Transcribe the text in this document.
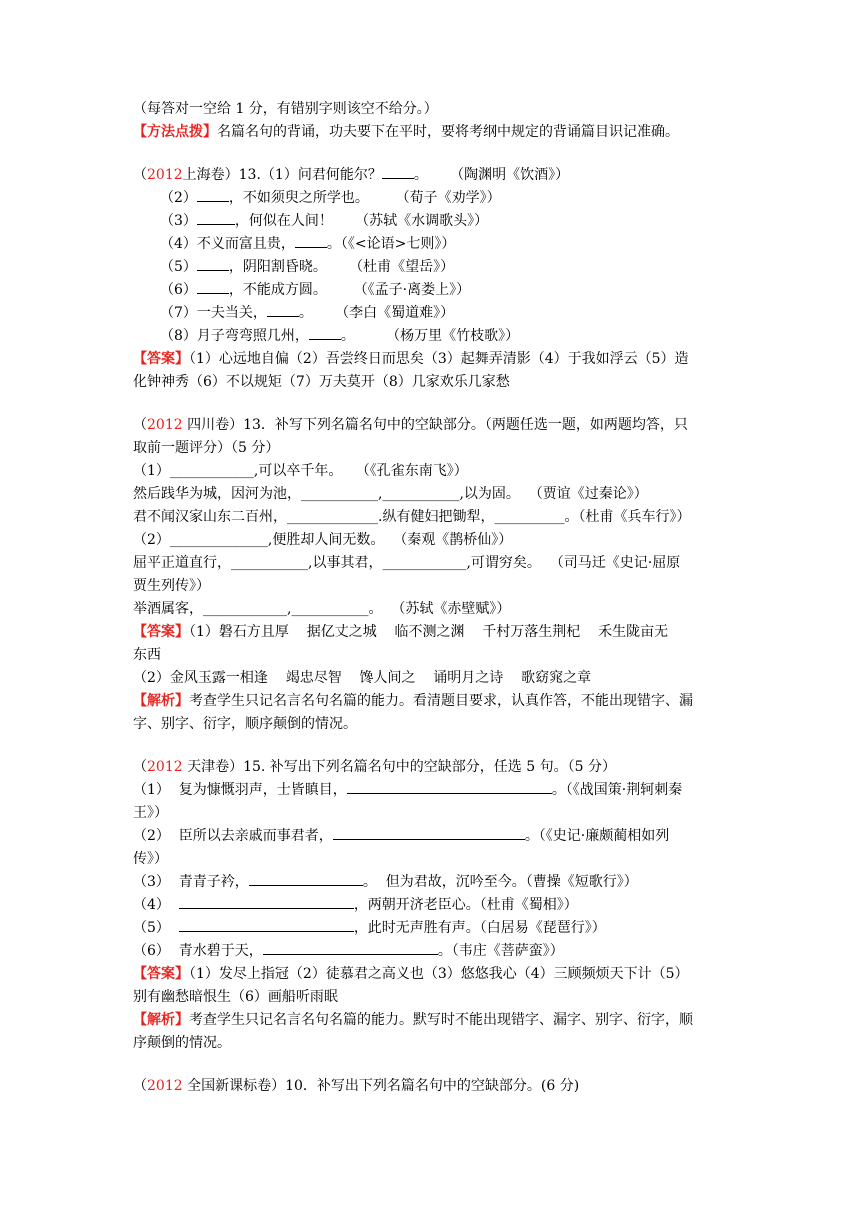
（每答对一空给 1 分，有错别字则该空不给分。）

【方法点拨】名篇名句的背诵，功夫要下在平时，要将考纲中规定的背诵篇目识记准确。

（2012上海卷）13.（1）问君何能尔？ 。     （陶渊明《饮酒》）

（2） ，不如须臾之所学也。      （荀子《劝学》）

（3）	，何似在人间！     （苏轼《水调歌头》）

（4）不义而富且贵， 。（《<论语>七则》）

（5） ，阴阳割昏晓。     （杜甫《望岳》）

（6） ，不能成方圆。      （《孟子·离娄上》）

（7）一夫当关， 。     （李白《蜀道难》）

（8）月子弯弯照几州， 。       （杨万里《竹枝歌》）

【答案】（1）心远地自偏（2）吾尝终日而思矣（3）起舞弄清影（4）于我如浮云（5）造

化钟神秀（6）不以规矩（7）万夫莫开（8）几家欢乐几家愁

（2012 四川卷）13．补写下列名篇名句中的空缺部分。（两题任选一题，如两题均答，只

取前一题评分）（5 分）

（1）____________,可以卒千年。   （《孔雀东南飞》）

然后践华为城，因河为池，___________,___________,以为固。  （贾谊《过秦论》）

君不闻汉家山东二百州，_____________.纵有健妇把锄犁，__________。（杜甫《兵车行》）

（2）______________,便胜却人间无数。  （秦观《鹊桥仙》）

屈平正道直行，___________,以事其君，____________,可谓穷矣。  （司马迁《史记·屈原

贾生列传》）

举酒属客，____________,___________。  （苏轼《赤壁赋》）

【答案】（1）磐石方且厚    据亿丈之城    临不测之渊    千村万落生荆杞    禾生陇亩无

东西

（2）金风玉露一相逢    竭忠尽智    馋人间之    诵明月之诗    歌窈窕之章

【解析】考查学生只记名言名句名篇的能力。看清题目要求，认真作答，不能出现错字、漏

字、别字、衍字，顺序颠倒的情况。

（2012 天津卷）15. 补写出下列名篇名句中的空缺部分，任选 5 句。（5 分）

（1）  复为慷慨羽声，士皆瞋目，	。（《战国策·荆轲刺秦

王》）

（2）  臣所以去亲戚而事君者，	。（《史记·廉颇蔺相如列

传》）

（3）  青青子衿，	。  但为君故，沉吟至今。（曹操《短歌行》）

（4）	，两朝开济老臣心。（杜甫《蜀相》）

（5）	，此时无声胜有声。（白居易《琵琶行》）

（6）  青水碧于天，	。（韦庄《菩萨蛮》）

【答案】（1）发尽上指冠（2）徒慕君之高义也（3）悠悠我心（4）三顾频烦天下计（5）

别有幽愁暗恨生（6）画船听雨眠

【解析】考查学生只记名言名句名篇的能力。默写时不能出现错字、漏字、别字、衍字，顺

序颠倒的情况。

（2012 全国新课标卷）10．补写出下列名篇名句中的空缺部分。(6 分)
